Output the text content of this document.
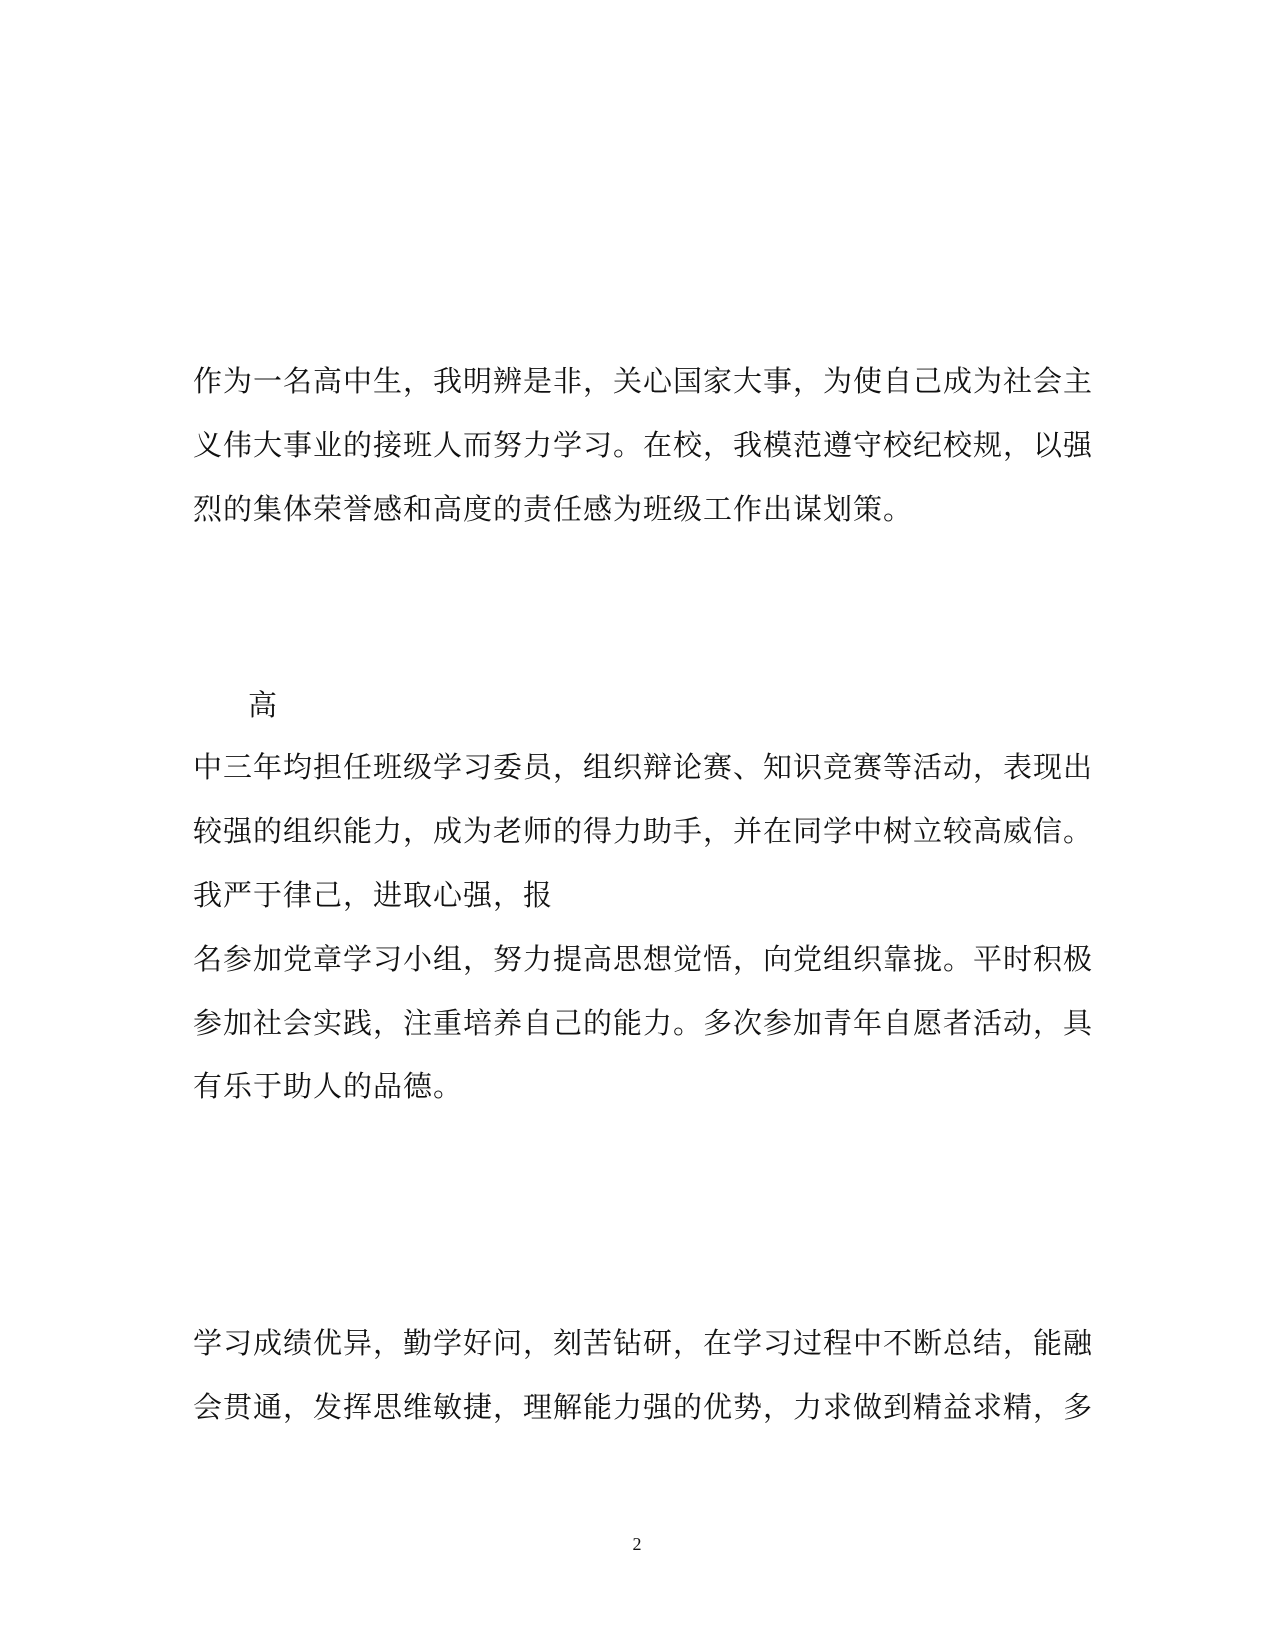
作为一名高中生，我明辨是非，关心国家大事，为使自己成为社会主
义伟大事业的接班人而努力学习。在校，我模范遵守校纪校规，以强
烈的集体荣誉感和高度的责任感为班级工作出谋划策。
高
中三年均担任班级学习委员，组织辩论赛、知识竞赛等活动，表现出
较强的组织能力，成为老师的得力助手，并在同学中树立较高威信。
我严于律己，进取心强，报
名参加党章学习小组，努力提高思想觉悟，向党组织靠拢。平时积极
参加社会实践，注重培养自己的能力。多次参加青年自愿者活动，具
有乐于助人的品德。
学习成绩优异，勤学好问，刻苦钻研，在学习过程中不断总结，能融
会贯通，发挥思维敏捷，理解能力强的优势，力求做到精益求精，多
2
